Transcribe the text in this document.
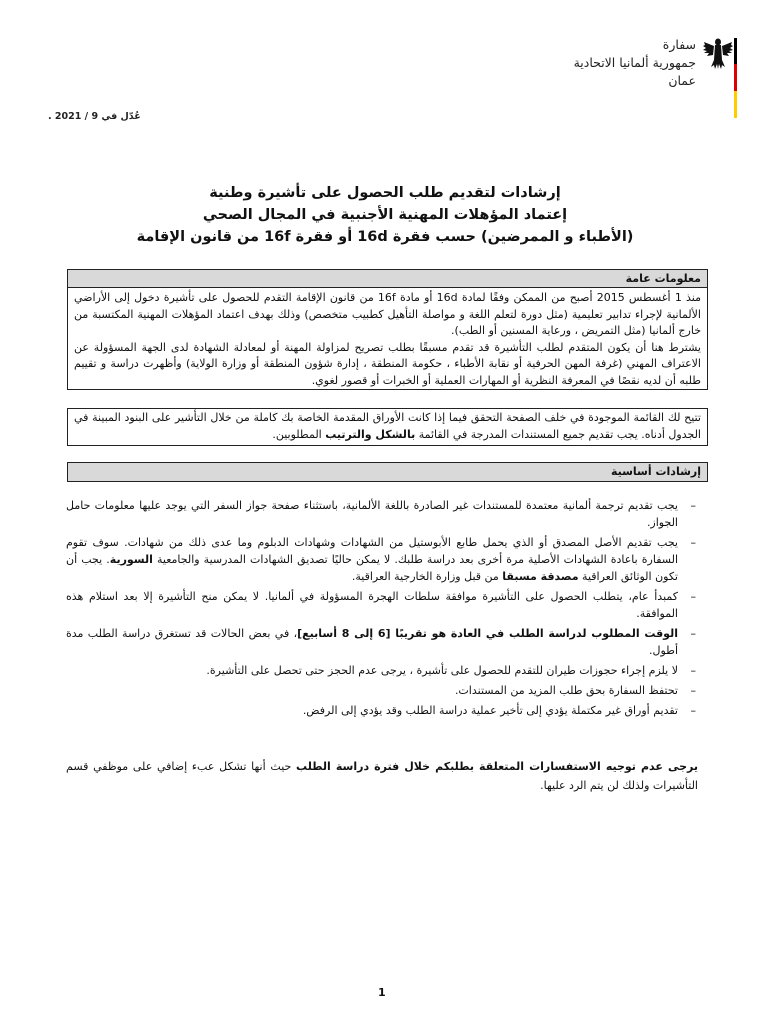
سفارة
جمهورية ألمانيا الاتحادية
عمان
عُدّل في 9 / 2021 .
إرشادات لتقديم طلب الحصول على تأشيرة وطنية
إعتماد المؤهلات المهنية الأجنبية في المجال الصحي
(الأطباء و الممرضين) حسب فقرة 16d أو فقرة 16f من قانون الإقامة
معلومات عامة
منذ 1 أغسطس 2015 أصبح من الممكن وفقًا لمادة 16d أو مادة 16f من قانون الإقامة التقدم للحصول على تأشيرة دخول إلى الأراضي الألمانية لإجراء تدابير تعليمية (مثل دورة لتعلم اللغة و مواصلة التأهيل كطبيب متخصص) وذلك بهدف اعتماد المؤهلات المهنية المكتسبة من خارج ألمانيا (مثل التمريض ، ورعاية المسنين أو الطب).
يشترط هنا أن يكون المتقدم لطلب التأشيرة قد تقدم مسبقًا بطلب تصريح لمزاولة المهنة أو لمعادلة الشهادة لدى الجهة المسؤولة عن الاعتراف المهني (غرفة المهن الحرفية أو نقابة الأطباء ، حكومة المنطقة ، إدارة شؤون المنطقة أو وزارة الولاية) وأظهرت دراسة و تقييم طلبه أن لديه نقصًا في المعرفة النظرية أو المهارات العملية أو الخبرات أو قصور لغوي.
تتيح لك القائمة الموجودة في خلف الصفحة التحقق فيما إذا كانت الأوراق المقدمة الخاصة بك كاملة من خلال التأشير على البنود المبينة في الجدول أدناه. يجب تقديم جميع المستندات المدرجة في القائمة بالشكل والترتيب المطلوبين.
إرشادات أساسية
–
يجب تقديم ترجمة ألمانية معتمدة للمستندات غير الصادرة باللغة الألمانية، باستثناء صفحة جواز السفر التي يوجد عليها معلومات حامل الجواز.
–
يجب تقديم الأصل المصدق أو الذي يحمل طابع الأبوستيل من الشهادات وشهادات الدبلوم وما عدى ذلك من شهادات. سوف تقوم السفارة باعادة الشهادات الأصلية مرة أخرى بعد دراسة طلبك. لا يمكن حاليًا تصديق الشهادات المدرسية والجامعية السورية. يجب أن تكون الوثائق العراقية مصدقة مسبقا من قبل وزارة الخارجية العراقية.
–
كمبدأ عام، يتطلب الحصول على التأشيرة موافقة سلطات الهجرة المسؤولة في ألمانيا. لا يمكن منح التأشيرة إلا بعد استلام هذه الموافقة.
–
الوقت المطلوب لدراسة الطلب في العادة هو تقريبًا [6 إلى 8 أسابيع]، في بعض الحالات قد تستغرق دراسة الطلب مدة أطول.
–
لا يلزم إجراء حجوزات طيران للتقدم للحصول على تأشيرة ، يرجى عدم الحجز حتى تحصل على التأشيرة.
–
تحتفظ السفارة بحق طلب المزيد من المستندات.
–
تقديم أوراق غير مكتملة يؤدي إلى تأخير عملية دراسة الطلب وقد يؤدي إلى الرفض.
يرجى عدم توجيه الاستفسارات المتعلقة بطلبكم خلال فترة دراسة الطلب حيث أنها تشكل عبء إضافي على موظفي قسم التأشيرات ولذلك لن يتم الرد عليها.
1
